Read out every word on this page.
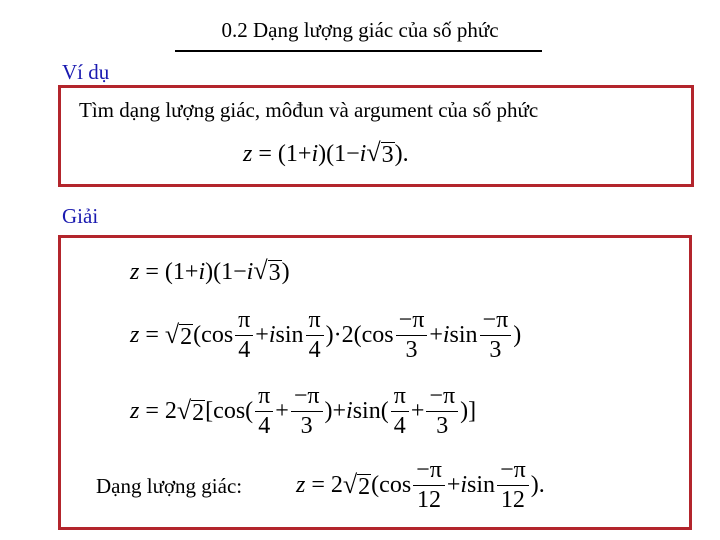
0.2 Dạng lượng giác của số phức
Ví dụ
Tìm dạng lượng giác, môđun và argument của số phức
z = ( 1 + i ) ( 1 − i √ 3 ) .
Giải
z = ( 1 + i ) ( 1 − i √ 3 )
z = √ 2 ( $\cos \frac{\pi}{4} + i$ $\sin \frac{\pi}{4}$ ) · 2 ( $\cos \frac{-\pi}{3} + i$ $\sin \frac{-\pi}{3}$ )
z = 2 √ 2 [ cos ( $\frac{\pi}{4} + \frac{-\pi}{3}$ ) + i sin ( $\frac{\pi}{4} + \frac{-\pi}{3}$ ) ]
Dạng lượng giác: z = 2 √ 2 ( $\cos \frac{-\pi}{12} + i$ $\sin \frac{-\pi}{12}$ ) .
